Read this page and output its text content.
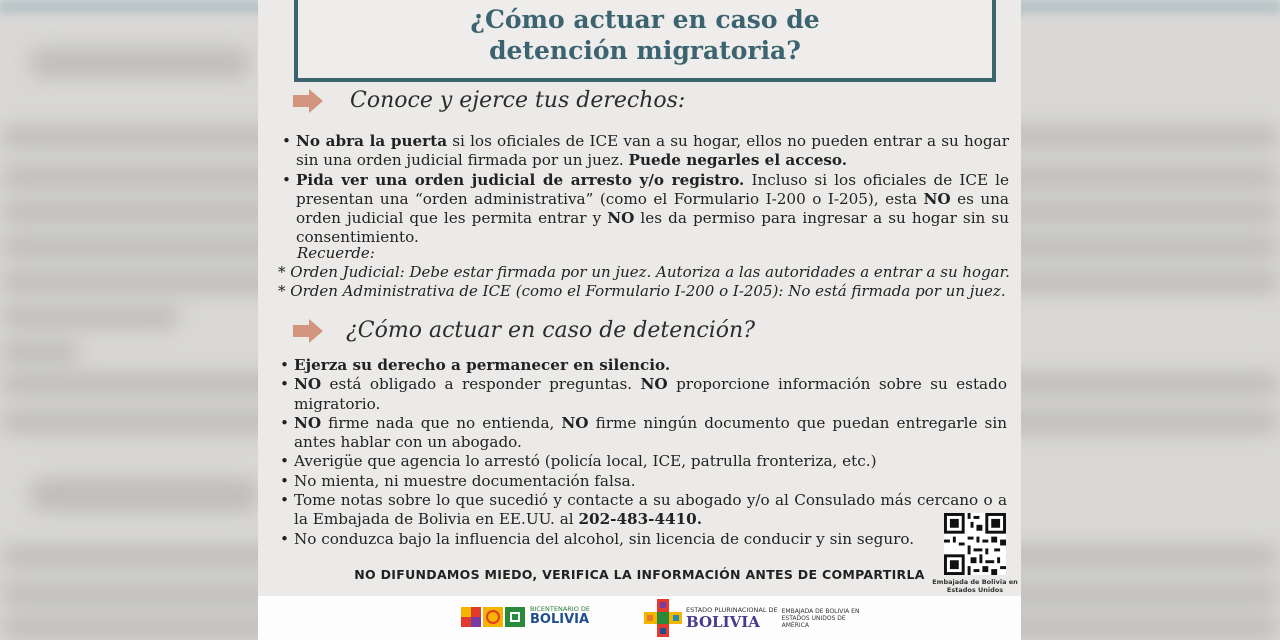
¿Cómo actuar en caso de
detención migratoria?
Conoce y ejerce tus derechos:
• No abra la puerta si los oficiales de ICE van a su hogar, ellos no pueden entrar a su hogar sin una orden judicial firmada por un juez. Puede negarles el acceso.
• Pida ver una orden judicial de arresto y/o registro. Incluso si los oficiales de ICE le presentan una “orden administrativa” (como el Formulario I-200 o I-205), esta NO es una orden judicial que les permita entrar y NO les da permiso para ingresar a su hogar sin su consentimiento.
Recuerde:
* Orden Judicial: Debe estar firmada por un juez. Autoriza a las autoridades a entrar a su hogar.
* Orden Administrativa de ICE (como el Formulario I-200 o I-205): No está firmada por un juez.
¿Cómo actuar en caso de detención?
• Ejerza su derecho a permanecer en silencio.
• NO está obligado a responder preguntas. NO proporcione información sobre su estado migratorio.
• NO firme nada que no entienda, NO firme ningún documento que puedan entregarle sin antes hablar con un abogado.
• Averigüe que agencia lo arrestó (policía local, ICE, patrulla fronteriza, etc.)
• No mienta, ni muestre documentación falsa.
• Tome notas sobre lo que sucedió y contacte a su abogado y/o al Consulado más cercano o a la Embajada de Bolivia en EE.UU. al 202-483-4410.
• No conduzca bajo la influencia del alcohol, sin licencia de conducir y sin seguro.
Embajada de Bolivia en Estados Unidos
NO DIFUNDAMOS MIEDO, VERIFICA LA INFORMACIÓN ANTES DE COMPARTIRLA
BICENTENARIO DE
BOLIVIA
ESTADO PLURINACIONAL DE
BOLIVIA
EMBAJADA DE BOLIVIA EN ESTADOS UNIDOS DE AMÉRICA
